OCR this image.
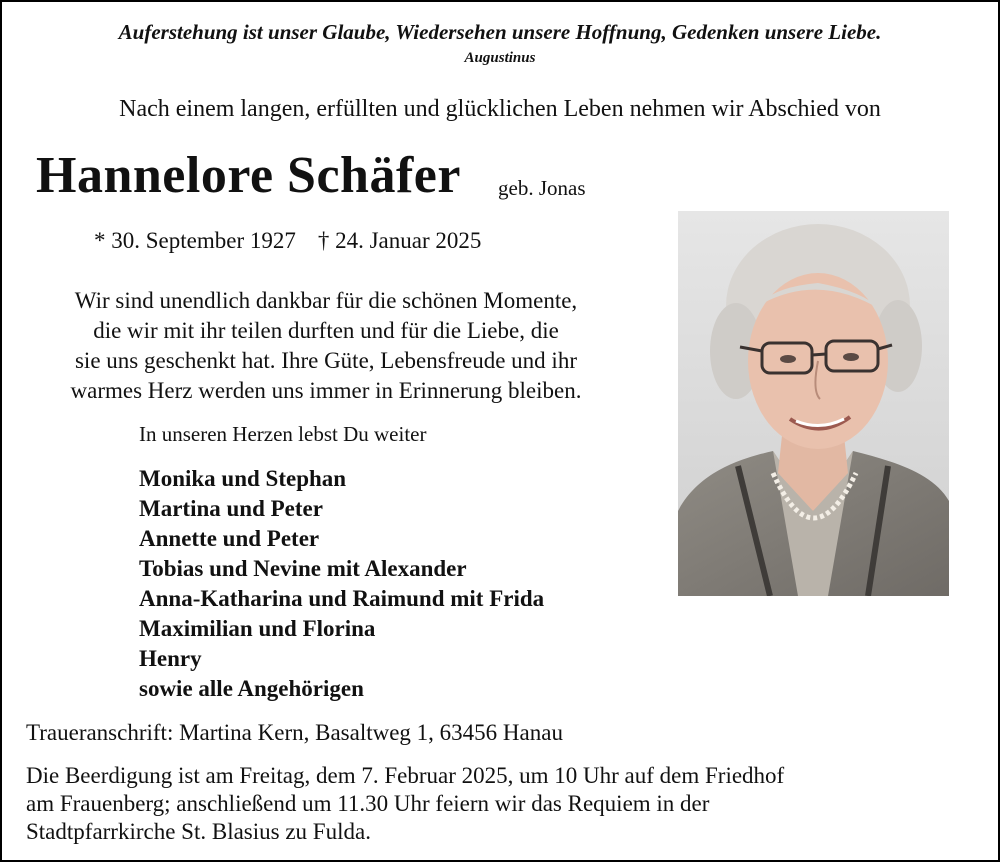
Auferstehung ist unser Glaube, Wiedersehen unsere Hoffnung, Gedenken unsere Liebe.
Augustinus
Nach einem langen, erfüllten und glücklichen Leben nehmen wir Abschied von
Hannelore Schäfer geb. Jonas
* 30. September 1927 † 24. Januar 2025
Wir sind unendlich dankbar für die schönen Momente,
die wir mit ihr teilen durften und für die Liebe, die
sie uns geschenkt hat. Ihre Güte, Lebensfreude und ihr
warmes Herz werden uns immer in Erinnerung bleiben.
In unseren Herzen lebst Du weiter
Monika und Stephan
Martina und Peter
Annette und Peter
Tobias und Nevine mit Alexander
Anna-Katharina und Raimund mit Frida
Maximilian und Florina
Henry
sowie alle Angehörigen
Traueranschrift: Martina Kern, Basaltweg 1, 63456 Hanau
Die Beerdigung ist am Freitag, dem 7. Februar 2025, um 10 Uhr auf dem Friedhof
am Frauenberg; anschließend um 11.30 Uhr feiern wir das Requiem in der
Stadtpfarrkirche St. Blasius zu Fulda.
